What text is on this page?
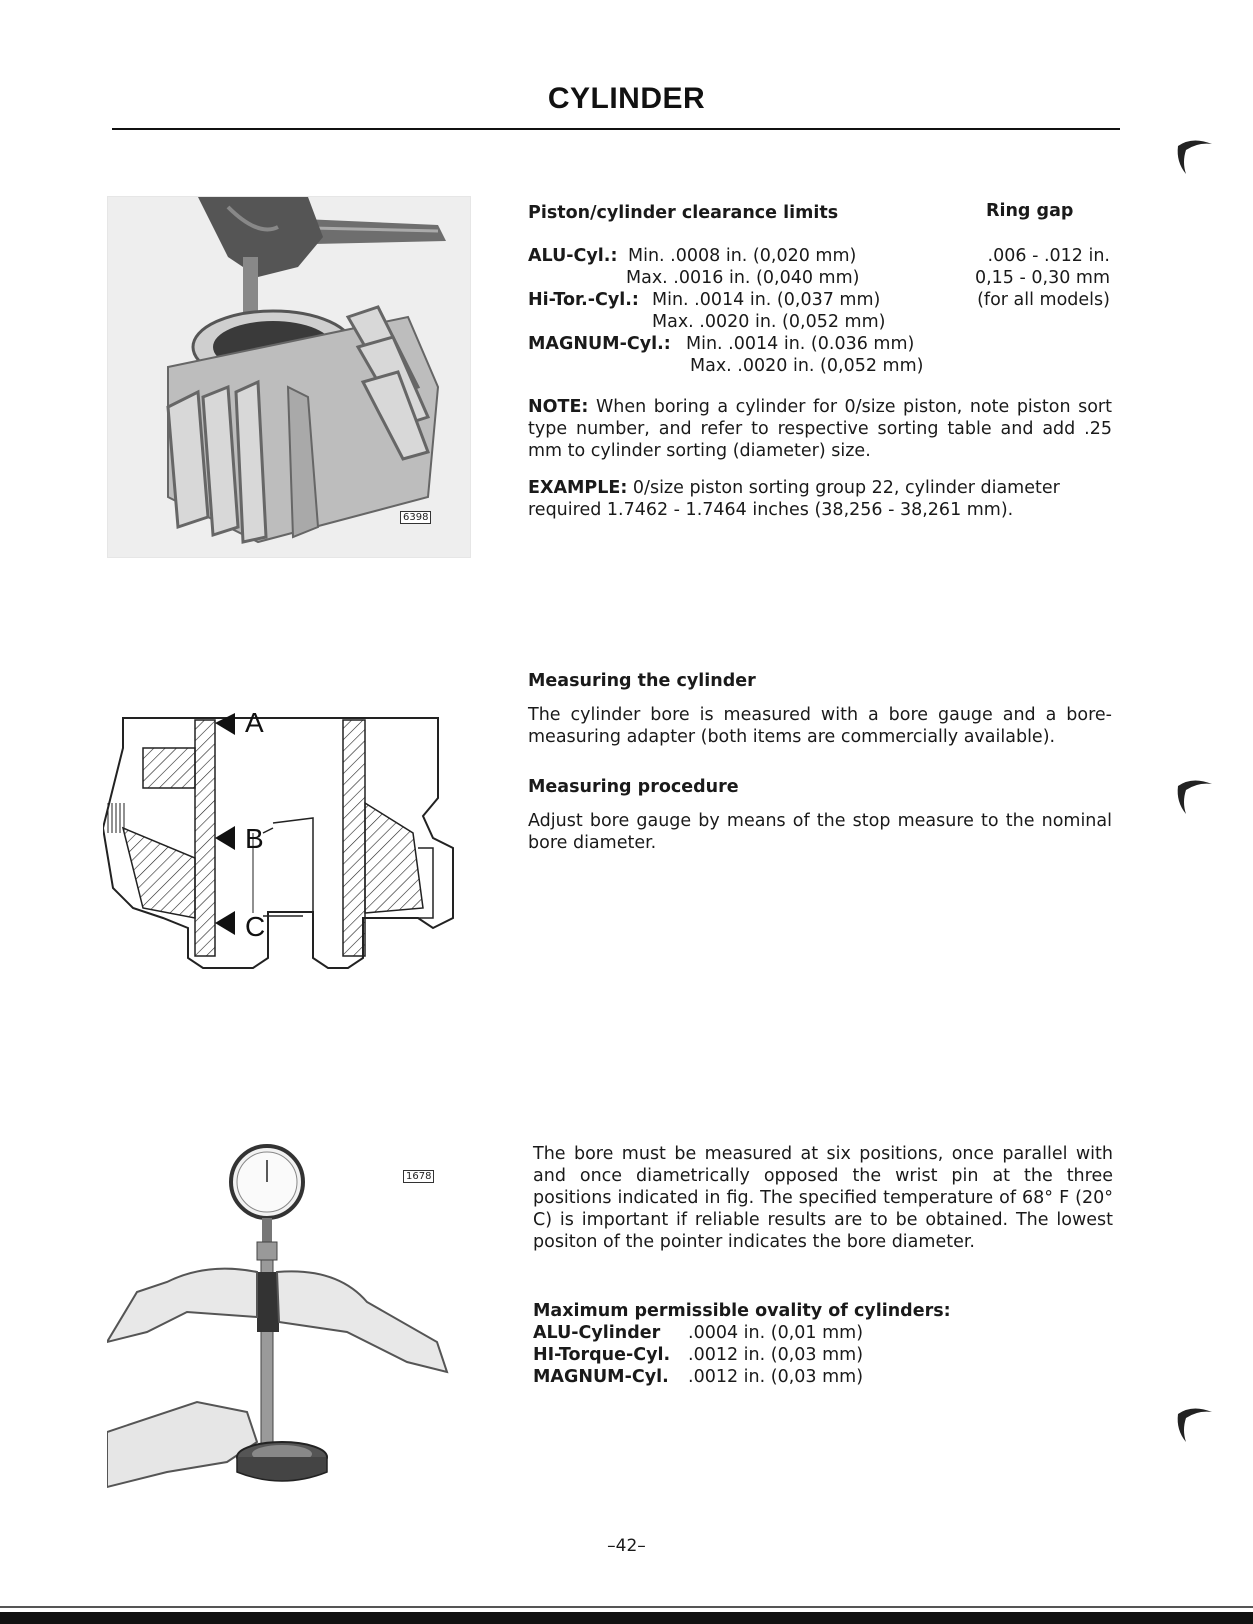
CYLINDER
6398
A
B
C
1678
Piston/cylinder clearance limits	Ring gap
ALU-Cyl.: Min. .0008 in. (0,020 mm)
Max. .0016 in. (0,040 mm)
Hi-Tor.-Cyl.: Min. .0014 in. (0,037 mm)
Max. .0020 in. (0,052 mm)
MAGNUM-Cyl.: Min. .0014 in. (0.036 mm)
Max. .0020 in. (0,052 mm)
.006 - .012 in.
0,15 - 0,30 mm
(for all models)
NOTE: When boring a cylinder for 0/size piston, note piston sort type number, and refer to respective sorting table and add .25 mm to cylinder sorting (diameter) size.
EXAMPLE: 0/size piston sorting group 22, cylinder diameter required 1.7462 - 1.7464 inches (38,256 - 38,261 mm).
Measuring the cylinder
The cylinder bore is measured with a bore gauge and a bore-measuring adapter (both items are commercially available).
Measuring procedure
Adjust bore gauge by means of the stop measure to the nominal bore diameter.
The bore must be measured at six positions, once parallel with and once diametrically opposed the wrist pin at the three positions indicated in fig. The specified temperature of 68° F (20° C) is important if reliable results are to be obtained. The lowest positon of the pointer indicates the bore diameter.
Maximum permissible ovality of cylinders:
ALU-Cylinder .0004 in. (0,01 mm)
HI-Torque-Cyl. .0012 in. (0,03 mm)
MAGNUM-Cyl. .0012 in. (0,03 mm)
–42–
